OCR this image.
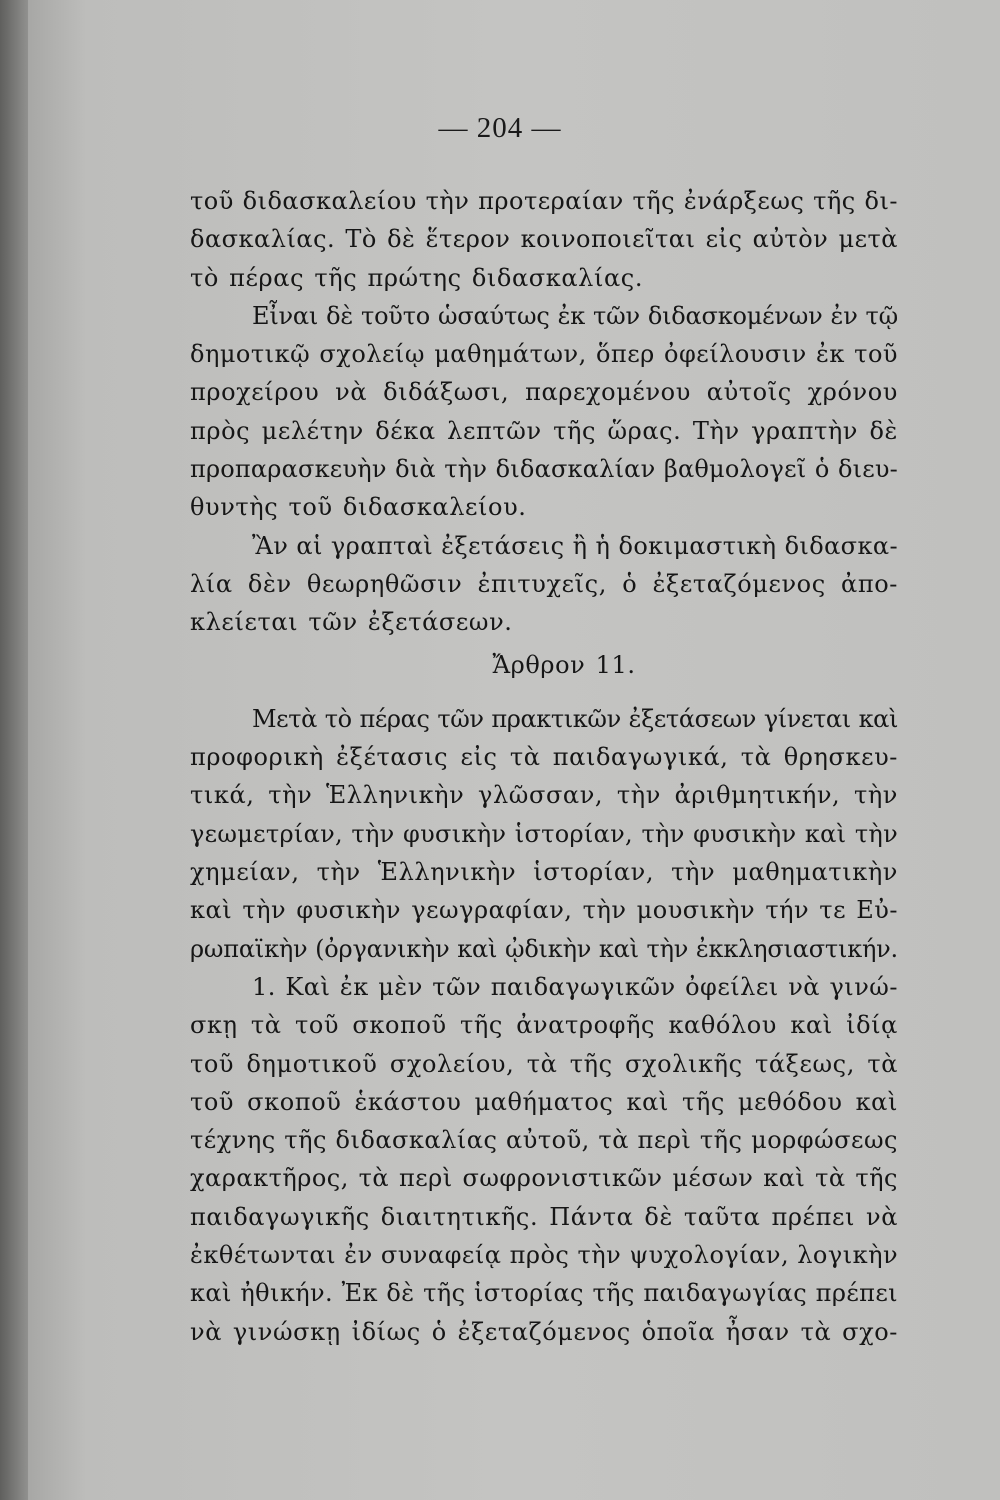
— 204 —
τοῦ διδασκαλείου τὴν προτεραίαν τῆς ἐνάρξεως τῆς δι-
δασκαλίας. Τὸ δὲ ἕτερον κοινοποιεῖται εἰς αὐτὸν μετὰ
τὸ πέρας τῆς πρώτης διδασκαλίας.
Εἶναι δὲ τοῦτο ὡσαύτως ἐκ τῶν διδασκομένων ἐν τῷ
δημοτικῷ σχολείῳ μαθημάτων, ὅπερ ὀφείλουσιν ἐκ τοῦ
προχείρου νὰ διδάξωσι, παρεχομένου αὐτοῖς χρόνου
πρὸς μελέτην δέκα λεπτῶν τῆς ὥρας. Τὴν γραπτὴν δὲ
προπαρασκευὴν διὰ τὴν διδασκαλίαν βαθμολογεῖ ὁ διευ-
θυντὴς τοῦ διδασκαλείου.
Ἂν αἱ γραπταὶ ἐξετάσεις ἢ ἡ δοκιμαστικὴ διδασκα-
λία δὲν θεωρηθῶσιν ἐπιτυχεῖς, ὁ ἐξεταζόμενος ἀπο-
κλείεται τῶν ἐξετάσεων.
Ἄρθρον 11.
Μετὰ τὸ πέρας τῶν πρακτικῶν ἐξετάσεων γίνεται καὶ
προφορικὴ ἐξέτασις εἰς τὰ παιδαγωγικά, τὰ θρησκευ-
τικά, τὴν Ἑλληνικὴν γλῶσσαν, τὴν ἀριθμητικήν, τὴν
γεωμετρίαν, τὴν φυσικὴν ἱστορίαν, τὴν φυσικὴν καὶ τὴν
χημείαν, τὴν Ἑλληνικὴν ἱστορίαν, τὴν μαθηματικὴν
καὶ τὴν φυσικὴν γεωγραφίαν, τὴν μουσικὴν τήν τε Εὐ-
ρωπαϊκὴν (ὀργανικὴν καὶ ᾠδικὴν καὶ τὴν ἐκκλησιαστικήν.
1. Καὶ ἐκ μὲν τῶν παιδαγωγικῶν ὀφείλει νὰ γινώ-
σκῃ τὰ τοῦ σκοποῦ τῆς ἀνατροφῆς καθόλου καὶ ἰδίᾳ
τοῦ δημοτικοῦ σχολείου, τὰ τῆς σχολικῆς τάξεως, τὰ
τοῦ σκοποῦ ἑκάστου μαθήματος καὶ τῆς μεθόδου καὶ
τέχνης τῆς διδασκαλίας αὐτοῦ, τὰ περὶ τῆς μορφώσεως
χαρακτῆρος, τὰ περὶ σωφρονιστικῶν μέσων καὶ τὰ τῆς
παιδαγωγικῆς διαιτητικῆς. Πάντα δὲ ταῦτα πρέπει νὰ
ἐκθέτωνται ἐν συναφείᾳ πρὸς τὴν ψυχολογίαν, λογικὴν
καὶ ἠθικήν. Ἐκ δὲ τῆς ἱστορίας τῆς παιδαγωγίας πρέπει
νὰ γινώσκῃ ἰδίως ὁ ἐξεταζόμενος ὁποῖα ἦσαν τὰ σχο-
